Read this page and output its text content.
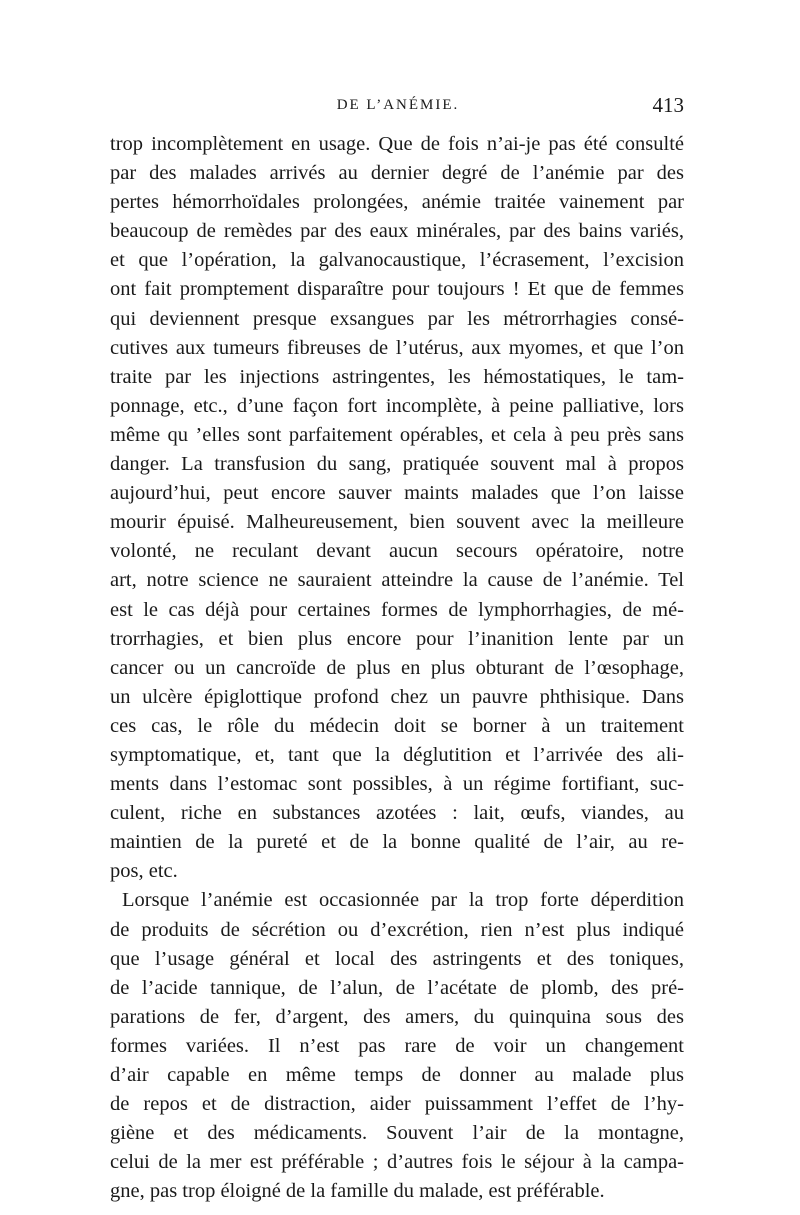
DE L’ANÉMIE.	413
trop incomplètement en usage. Que de fois n’ai-je pas été consulté
par des malades arrivés au dernier degré de l’anémie par des
pertes hémorrhoïdales prolongées, anémie traitée vainement par
beaucoup de remèdes par des eaux minérales, par des bains variés,
et que l’opération, la galvanocaustique, l’écrasement, l’excision
ont fait promptement disparaître pour toujours ! Et que de femmes
qui deviennent presque exsangues par les métrorrhagies consé-
cutives aux tumeurs fibreuses de l’utérus, aux myomes, et que l’on
traite par les injections astringentes, les hémostatiques, le tam-
ponnage, etc., d’une façon fort incomplète, à peine palliative, lors
même qu ’elles sont parfaitement opérables, et cela à peu près sans
danger. La transfusion du sang, pratiquée souvent mal à propos
aujourd’hui, peut encore sauver maints malades que l’on laisse
mourir épuisé. Malheureusement, bien souvent avec la meilleure
volonté, ne reculant devant aucun secours opératoire, notre
art, notre science ne sauraient atteindre la cause de l’anémie. Tel
est le cas déjà pour certaines formes de lymphorrhagies, de mé-
trorrhagies, et bien plus encore pour l’inanition lente par un
cancer ou un cancroïde de plus en plus obturant de l’œsophage,
un ulcère épiglottique profond chez un pauvre phthisique. Dans
ces cas, le rôle du médecin doit se borner à un traitement
symptomatique, et, tant que la déglutition et l’arrivée des ali-
ments dans l’estomac sont possibles, à un régime fortifiant, suc-
culent, riche en substances azotées : lait, œufs, viandes, au
maintien de la pureté et de la bonne qualité de l’air, au re-
pos, etc.
Lorsque l’anémie est occasionnée par la trop forte déperdition
de produits de sécrétion ou d’excrétion, rien n’est plus indiqué
que l’usage général et local des astringents et des toniques,
de l’acide tannique, de l’alun, de l’acétate de plomb, des pré-
parations de fer, d’argent, des amers, du quinquina sous des
formes variées. Il n’est pas rare de voir un changement
d’air capable en même temps de donner au malade plus
de repos et de distraction, aider puissamment l’effet de l’hy-
giène et des médicaments. Souvent l’air de la montagne,
celui de la mer est préférable ; d’autres fois le séjour à la campa-
gne, pas trop éloigné de la famille du malade, est préférable.
